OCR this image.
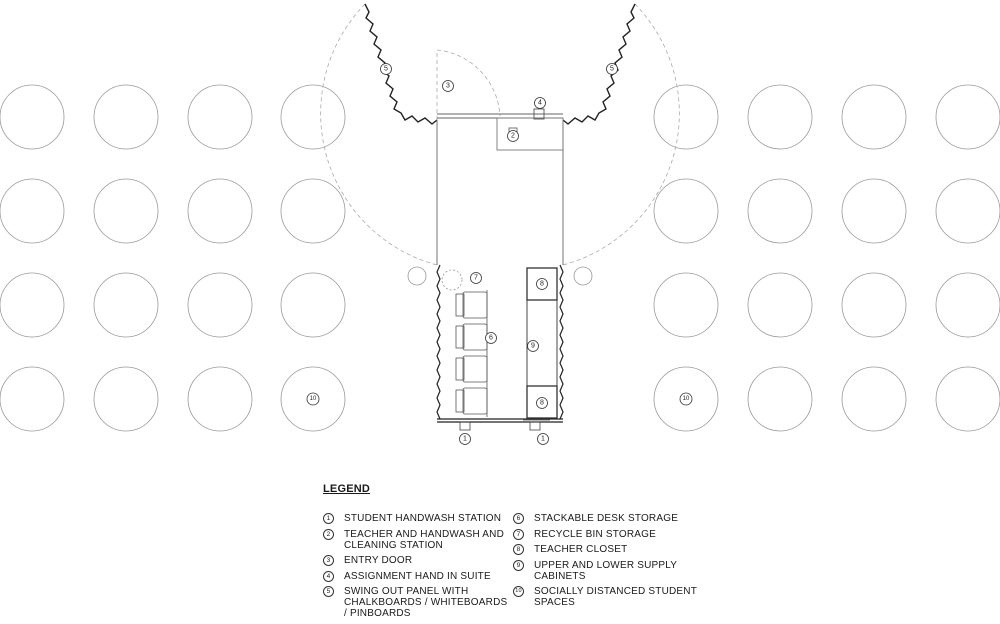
5	5
3
4
2
7
6
9
8
8
1	1
10	10
LEGEND
1	STUDENT HANDWASH STATION
2	TEACHER AND HANDWASH AND CLEANING STATION
3	ENTRY DOOR
4	ASSIGNMENT HAND IN SUITE
5	SWING OUT PANEL WITH CHALKBOARDS / WHITEBOARDS / PINBOARDS
6	STACKABLE DESK STORAGE
7	RECYCLE BIN STORAGE
8	TEACHER CLOSET
9	UPPER AND LOWER SUPPLY CABINETS
10 SOCIALLY DISTANCED STUDENT SPACES
